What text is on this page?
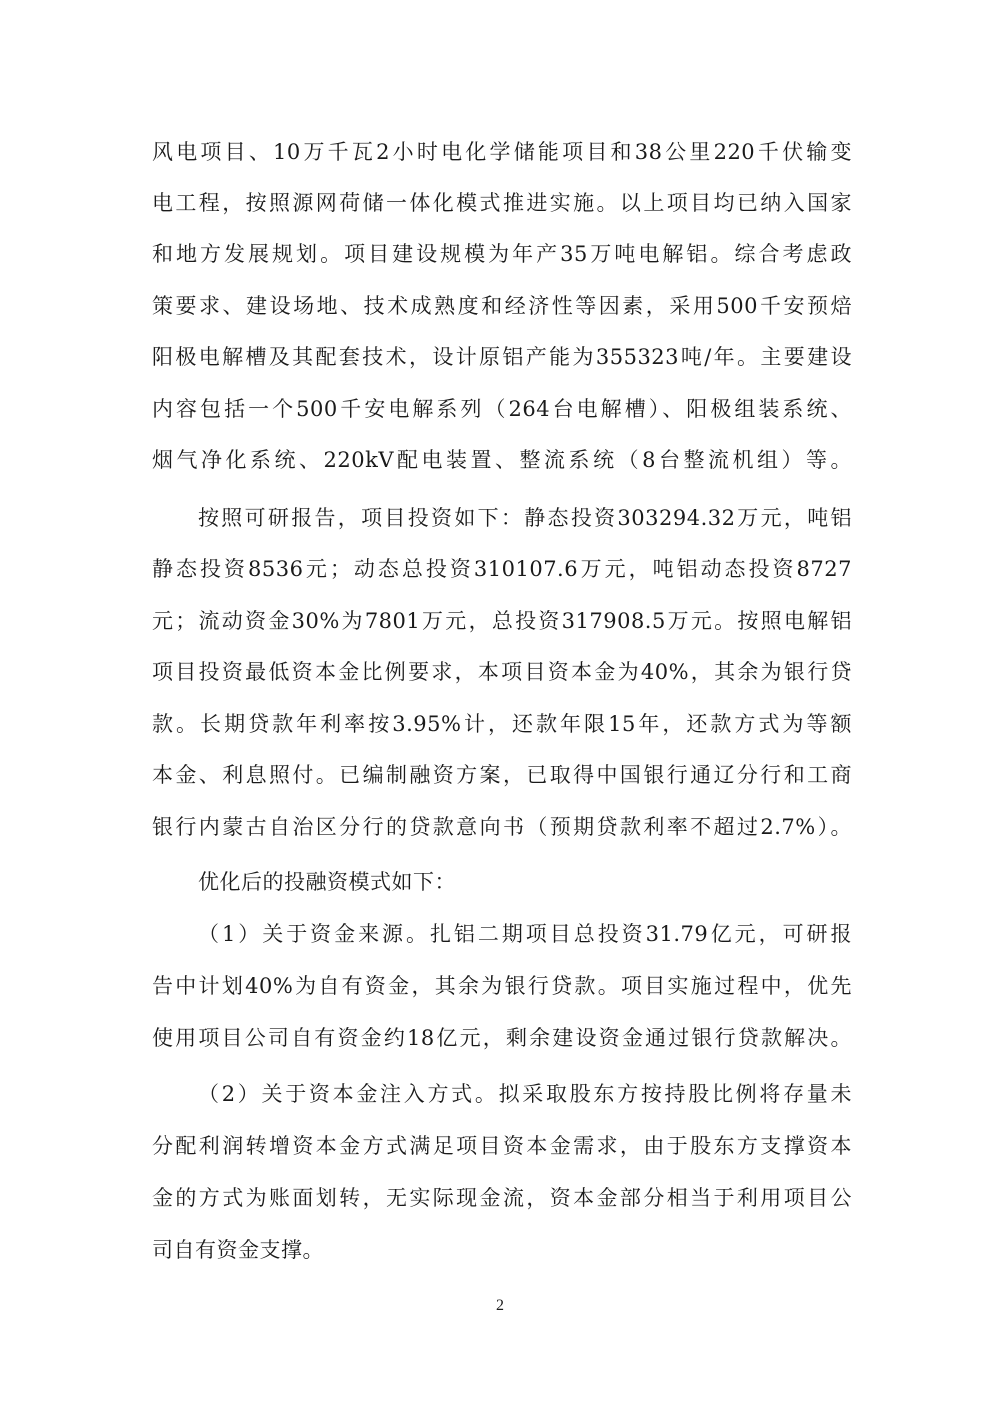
风电项目、10万千瓦2小时电化学储能项目和38公里220千伏输变
电工程，按照源网荷储一体化模式推进实施。以上项目均已纳入国家
和地方发展规划。项目建设规模为年产35万吨电解铝。综合考虑政
策要求、建设场地、技术成熟度和经济性等因素，采用500千安预焙
阳极电解槽及其配套技术，设计原铝产能为355323吨/年。主要建设
内容包括一个500千安电解系列（264台电解槽）、阳极组装系统、
烟气净化系统、220kV配电装置、整流系统（8台整流机组）等。
按照可研报告，项目投资如下：静态投资303294.32万元，吨铝
静态投资8536元；动态总投资310107.6万元，吨铝动态投资8727
元；流动资金30%为7801万元，总投资317908.5万元。按照电解铝
项目投资最低资本金比例要求，本项目资本金为40%，其余为银行贷
款。长期贷款年利率按3.95%计，还款年限15年，还款方式为等额
本金、利息照付。已编制融资方案，已取得中国银行通辽分行和工商
银行内蒙古自治区分行的贷款意向书（预期贷款利率不超过2.7%）。
优化后的投融资模式如下：
（1）关于资金来源。扎铝二期项目总投资31.79亿元，可研报
告中计划40%为自有资金，其余为银行贷款。项目实施过程中，优先
使用项目公司自有资金约18亿元，剩余建设资金通过银行贷款解决。
（2）关于资本金注入方式。拟采取股东方按持股比例将存量未
分配利润转增资本金方式满足项目资本金需求，由于股东方支撑资本
金的方式为账面划转，无实际现金流，资本金部分相当于利用项目公
司自有资金支撑。
2
